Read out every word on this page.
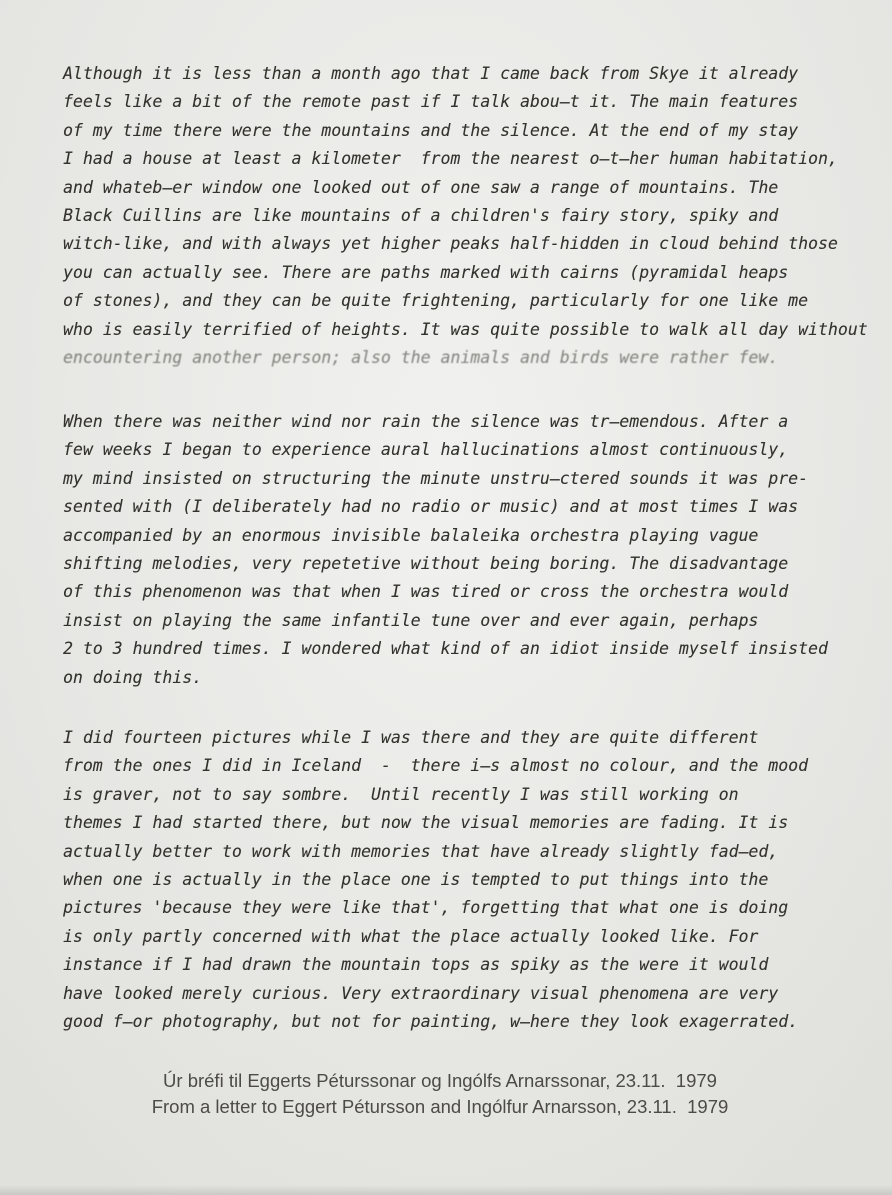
Although it is less than a month ago that I came back from Skye it already
feels like a bit of the remote past if I talk abou̶t it. The main features
of my time there were the mountains and the silence. At the end of my stay
I had a house at least a kilometer  from the nearest o̶t̶her human habitation,
and whateb̶er window one looked out of one saw a range of mountains. The
Black Cuillins are like mountains of a children's fairy story, spiky and
witch-like, and with always yet higher peaks half-hidden in cloud behind those
you can actually see. There are paths marked with cairns (pyramidal heaps
of stones), and they can be quite frightening, particularly for one like me
who is easily terrified of heights. It was quite possible to walk all day without
encountering another person; also the animals and birds were rather few.
When there was neither wind nor rain the silence was tr̶emendous. After a
few weeks I began to experience aural hallucinations almost continuously,
my mind insisted on structuring the minute unstru̶ctered sounds it was pre-
sented with (I deliberately had no radio or music) and at most times I was
accompanied by an enormous invisible balaleika orchestra playing vague
shifting melodies, very repetetive without being boring. The disadvantage
of this phenomenon was that when I was tired or cross the orchestra would
insist on playing the same infantile tune over and ever again, perhaps
2 to 3 hundred times. I wondered what kind of an idiot inside myself insisted
on doing this.
I did fourteen pictures while I was there and they are quite different
from the ones I did in Iceland  -  there i̶s almost no colour, and the mood
is graver, not to say sombre.  Until recently I was still working on
themes I had started there, but now the visual memories are fading. It is
actually better to work with memories that have already slightly fad̶ed,
when one is actually in the place one is tempted to put things into the
pictures 'because they were like that', forgetting that what one is doing
is only partly concerned with what the place actually looked like. For
instance if I had drawn the mountain tops as spiky as the were it would
have looked merely curious. Very extraordinary visual phenomena are very
good f̶or photography, but not for painting, w̶here they look exagerrated.
Úr bréfi til Eggerts Péturssonar og Ingólfs Arnarssonar, 23.11.  1979
From a letter to Eggert Pétursson and Ingólfur Arnarsson, 23.11.  1979
